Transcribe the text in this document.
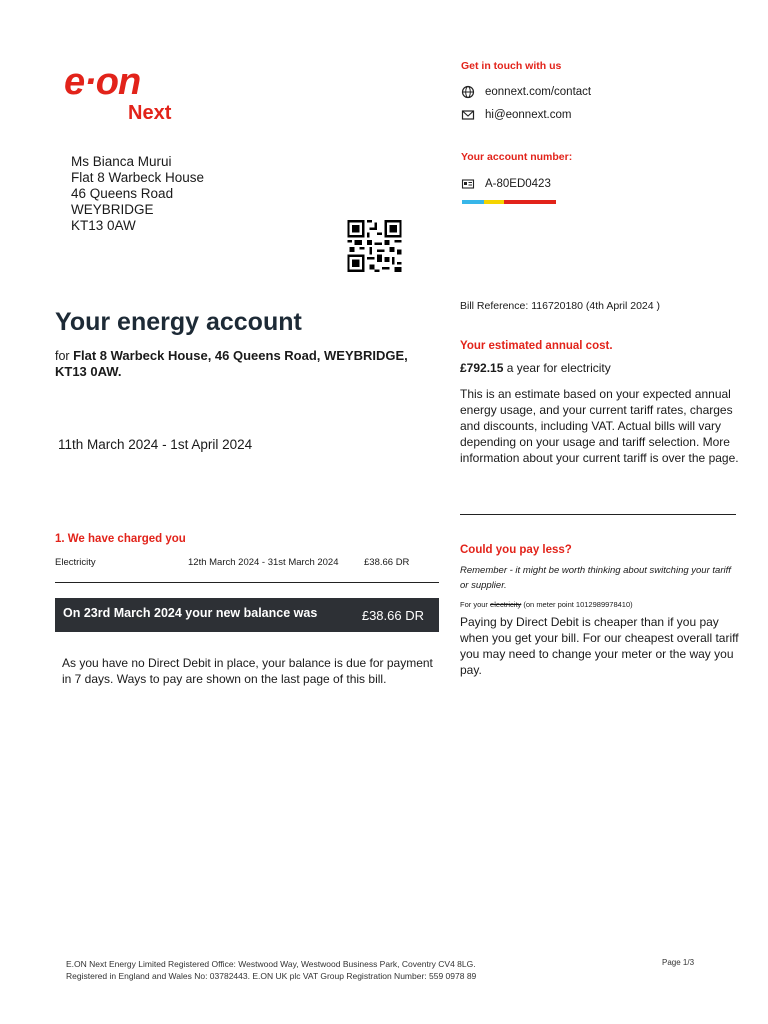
e·on
Next
Ms Bianca Murui
Flat 8 Warbeck House
46 Queens Road
WEYBRIDGE
KT13 0AW
Get in touch with us
eonnext.com/contact
hi@eonnext.com
Your account number:
A-80ED0423
Your energy account
for Flat 8 Warbeck House, 46 Queens Road, WEYBRIDGE, KT13 0AW.
11th March 2024 - 1st April 2024
1. We have charged you
Electricity	12th March 2024 - 31st March 2024	£38.66 DR
On 23rd March 2024 your new balance was	£38.66 DR
As you have no Direct Debit in place, your balance is due for payment in 7 days. Ways to pay are shown on the last page of this bill.
Bill Reference: 116720180 (4th April 2024 )
Your estimated annual cost.
£792.15 a year for electricity
This is an estimate based on your expected annual energy usage, and your current tariff rates, charges and discounts, including VAT. Actual bills will vary depending on your usage and tariff selection. More information about your current tariff is over the page.
Could you pay less?
Remember - it might be worth thinking about switching your tariff or supplier.
For your electricity (on meter point 1012989978410)
Paying by Direct Debit is cheaper than if you pay when you get your bill. For our cheapest overall tariff you may need to change your meter or the way you pay.
E.ON Next Energy Limited Registered Office: Westwood Way, Westwood Business Park, Coventry CV4 8LG.
Registered in England and Wales No: 03782443. E.ON UK plc VAT Group Registration Number: 559 0978 89
Page 1/3
